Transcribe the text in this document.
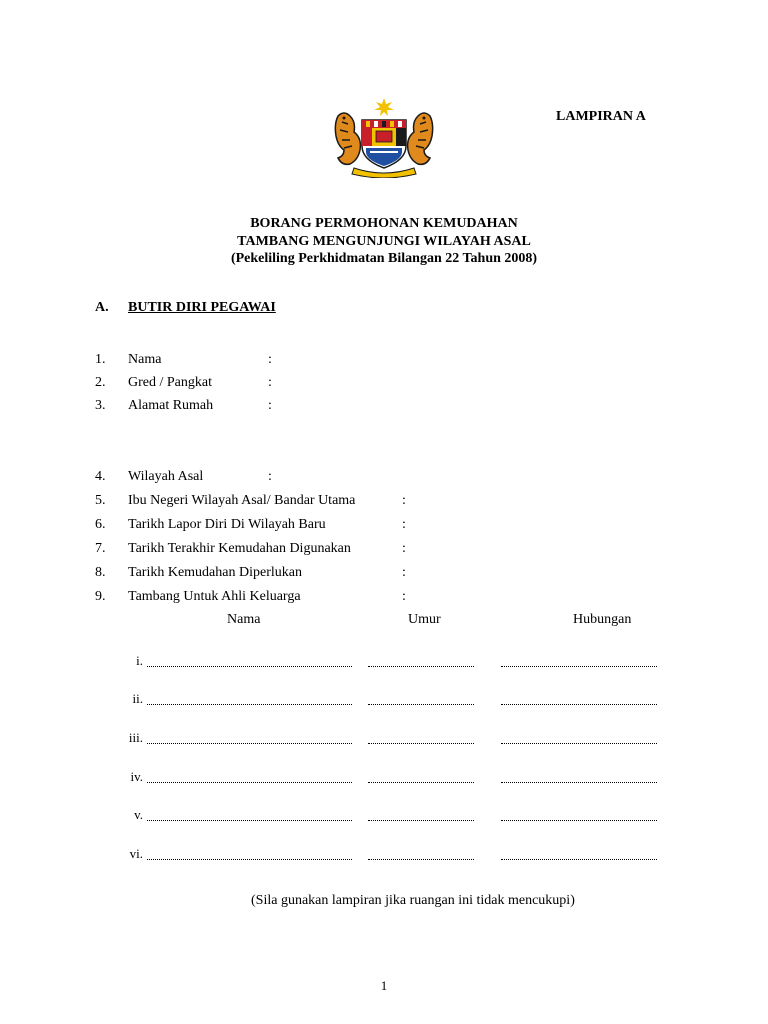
LAMPIRAN A
BORANG PERMOHONAN KEMUDAHAN
TAMBANG MENGUNJUNGI WILAYAH ASAL
(Pekeliling Perkhidmatan Bilangan 22 Tahun 2008)
A. BUTIR DIRI PEGAWAI
1. Nama	:
2. Gred / Pangkat	:
3. Alamat Rumah	:
4. Wilayah Asal	:
5. Ibu Negeri Wilayah Asal/ Bandar Utama	:
6. Tarikh Lapor Diri Di Wilayah Baru	:
7. Tarikh Terakhir Kemudahan Digunakan	:
8. Tarikh Kemudahan Diperlukan	:
9. Tambang Untuk Ahli Keluarga	:
Nama	Umur	Hubungan
i.
ii.
iii.
iv.
v.
vi.
(Sila gunakan lampiran jika ruangan ini tidak mencukupi)
1
